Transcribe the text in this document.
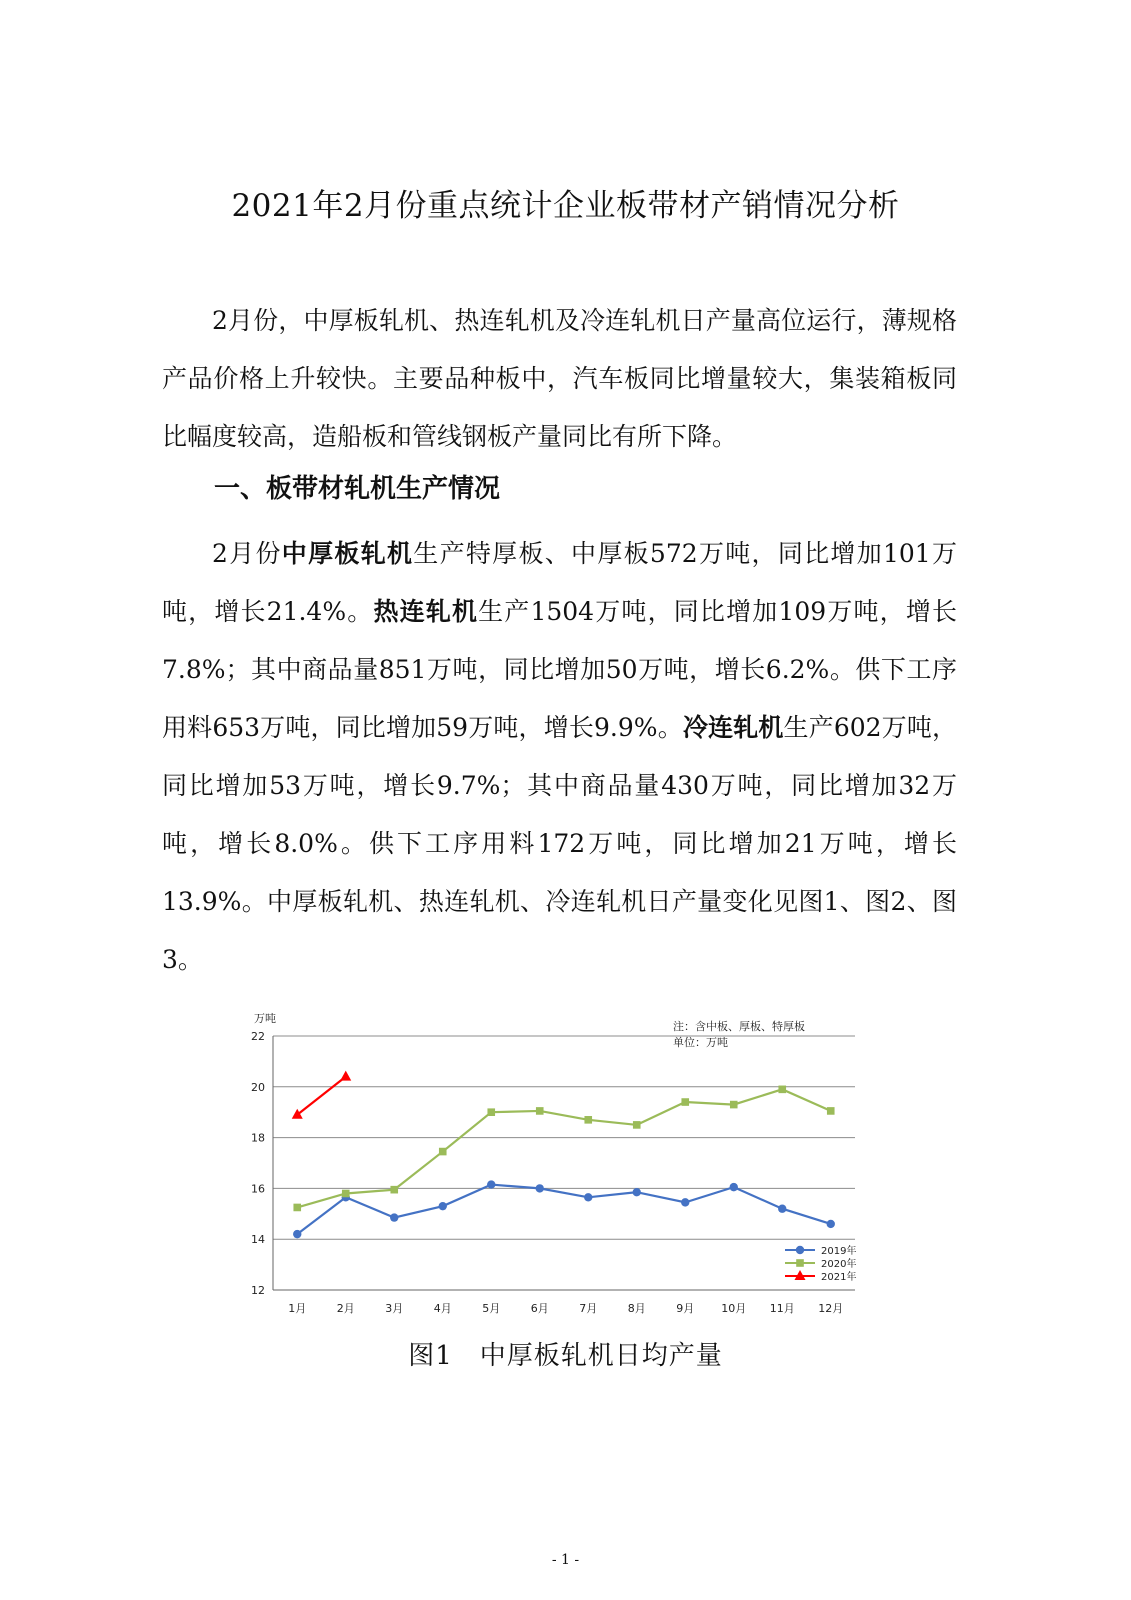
2021年2月份重点统计企业板带材产销情况分析

2月份，中厚板轧机、热连轧机及冷连轧机日产量高位运行，薄规格产品价格上升较快。主要品种板中，汽车板同比增量较大，集装箱板同比幅度较高，造船板和管线钢板产量同比有所下降。

一、板带材轧机生产情况

2月份中厚板轧机生产特厚板、中厚板572万吨，同比增加101万吨，增长21.4%。热连轧机生产1504万吨，同比增加109万吨，增长7.8%；其中商品量851万吨，同比增加50万吨，增长6.2%。供下工序用料653万吨，同比增加59万吨，增长9.9%。冷连轧机生产602万吨，同比增加53万吨，增长9.7%；其中商品量430万吨，同比增加32万吨，增长8.0%。供下工序用料172万吨，同比增加21万吨，增长13.9%。中厚板轧机、热连轧机、冷连轧机日产量变化见图1、图2、图3。

12
14
16
18
20
22
万吨
1月	2月	3月	4月	5月	6月	7月	8月	9月 10月 11月 12月
注：含中板、厚板、特厚板
单位：万吨
2019年
2020年
2021年
图1　中厚板轧机日均产量
- 1 -
